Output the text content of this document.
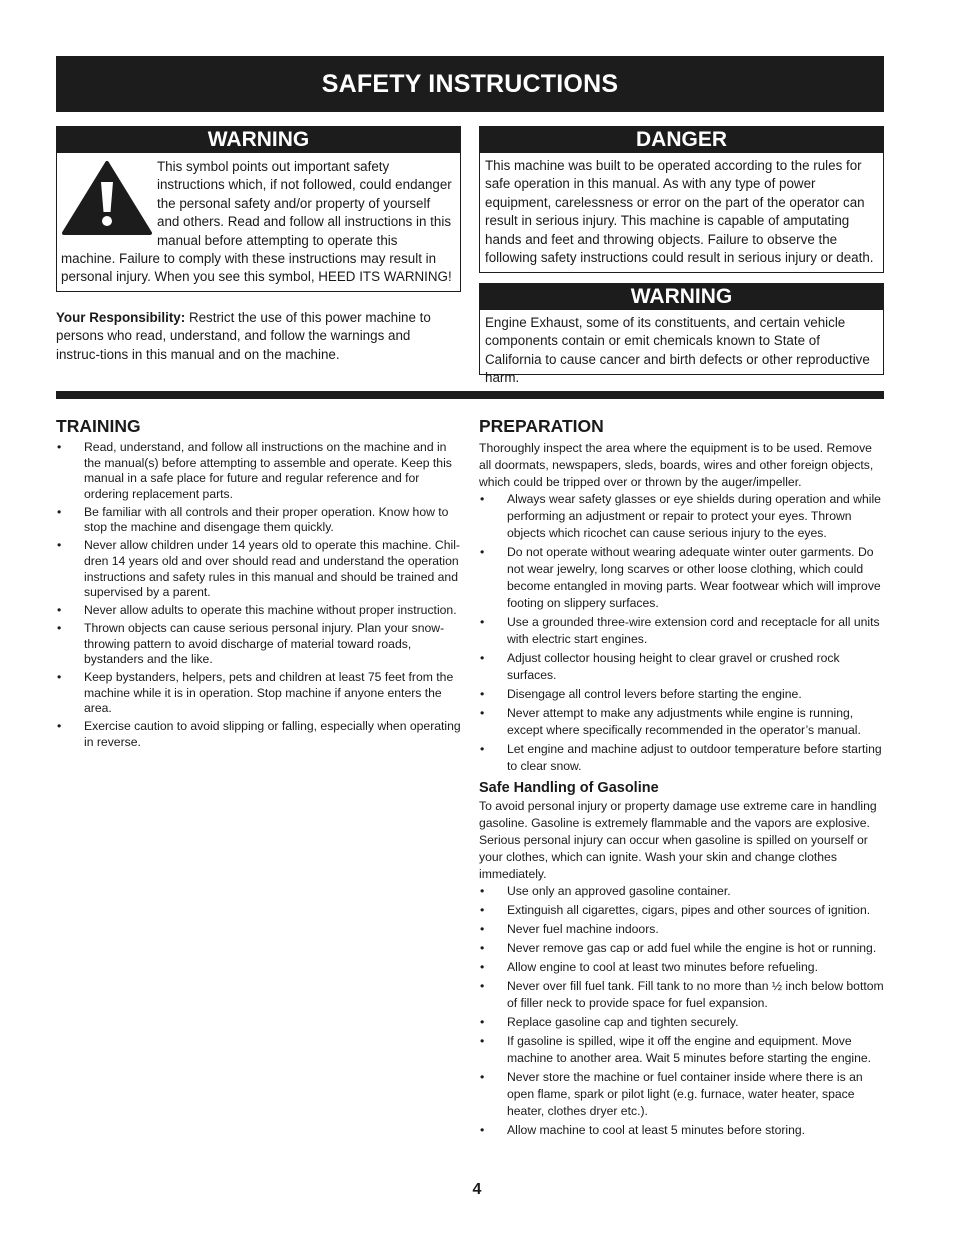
SAFETY INSTRUCTIONS
WARNING
This symbol points out important safety instructions which, if not followed, could endanger the personal safety and/or property of yourself and others. Read and follow all instructions in this manual before attempting to operate this machine. Failure to comply with these instructions may result in personal injury. When you see this symbol, HEED ITS WARNING!
Your Responsibility: Restrict the use of this power machine to persons who read, understand, and follow the warnings and instruc-tions in this manual and on the machine.
DANGER
This machine was built to be operated according to the rules for safe operation in this manual. As with any type of power equipment, carelessness or error on the part of the operator can result in serious injury. This machine is capable of amputating hands and feet and throwing objects. Failure to observe the following safety instructions could result in serious injury or death.
WARNING
Engine Exhaust, some of its constituents, and certain vehicle components contain or emit chemicals known to State of California to cause cancer and birth defects or other reproductive harm.
TRAINING
• Read, understand, and follow all instructions on the machine and in the manual(s) before attempting to assemble and operate. Keep this manual in a safe place for future and regular reference and for ordering replacement parts.
• Be familiar with all controls and their proper operation. Know how to stop the machine and disengage them quickly.
• Never allow children under 14 years old to operate this machine. Chil-dren 14 years old and over should read and understand the operation instructions and safety rules in this manual and should be trained and supervised by a parent.
• Never allow adults to operate this machine without proper instruction.
• Thrown objects can cause serious personal injury. Plan your snow-throwing pattern to avoid discharge of material toward roads, bystanders and the like.
• Keep bystanders, helpers, pets and children at least 75 feet from the machine while it is in operation. Stop machine if anyone enters the area.
• Exercise caution to avoid slipping or falling, especially when operating in reverse.
PREPARATION

Thoroughly inspect the area where the equipment is to be used. Remove all doormats, newspapers, sleds, boards, wires and other foreign objects, which could be tripped over or thrown by the auger/impeller.

• Always wear safety glasses or eye shields during operation and while performing an adjustment or repair to protect your eyes. Thrown objects which ricochet can cause serious injury to the eyes.
• Do not operate without wearing adequate winter outer garments. Do not wear jewelry, long scarves or other loose clothing, which could become entangled in moving parts. Wear footwear which will improve footing on slippery surfaces.
• Use a grounded three-wire extension cord and receptacle for all units with electric start engines.
• Adjust collector housing height to clear gravel or crushed rock surfaces.
• Disengage all control levers before starting the engine.
• Never attempt to make any adjustments while engine is running, except where specifically recommended in the operator’s manual.
• Let engine and machine adjust to outdoor temperature before starting to clear snow.
Safe Handling of Gasoline

To avoid personal injury or property damage use extreme care in handling gasoline. Gasoline is extremely flammable and the vapors are explosive. Serious personal injury can occur when gasoline is spilled on yourself or your clothes, which can ignite. Wash your skin and change clothes immediately.

• Use only an approved gasoline container.
• Extinguish all cigarettes, cigars, pipes and other sources of ignition.
• Never fuel machine indoors.
• Never remove gas cap or add fuel while the engine is hot or running.
• Allow engine to cool at least two minutes before refueling.
• Never over fill fuel tank. Fill tank to no more than ½ inch below bottom of filler neck to provide space for fuel expansion.
• Replace gasoline cap and tighten securely.
• If gasoline is spilled, wipe it off the engine and equipment. Move machine to another area. Wait 5 minutes before starting the engine.
• Never store the machine or fuel container inside where there is an open flame, spark or pilot light (e.g. furnace, water heater, space heater, clothes dryer etc.).
• Allow machine to cool at least 5 minutes before storing.
4
